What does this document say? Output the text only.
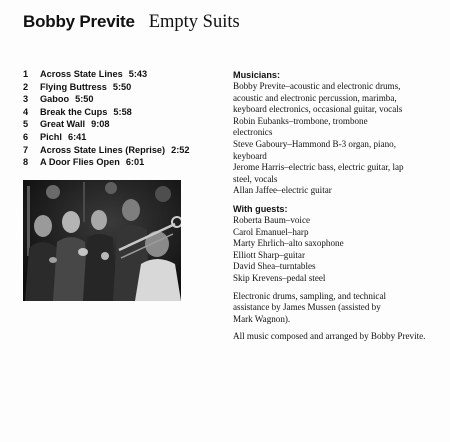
Bobby Previte Empty Suits
1	Across State Lines 5:43
2	Flying Buttress 5:50
3	Gaboo 5:50
4	Break the Cups 5:58
5	Great Wall 9:08
6	Pichl 6:41
7	Across State Lines (Reprise) 2:52
8	A Door Flies Open 6:01
Musicians:
Bobby Previte–acoustic and electronic drums,
acoustic and electronic percussion, marimba,
keyboard electronics, occasional guitar, vocals
Robin Eubanks–trombone, trombone
electronics
Steve Gaboury–Hammond B-3 organ, piano,
keyboard
Jerome Harris–electric bass, electric guitar, lap
steel, vocals
Allan Jaffee–electric guitar
With guests:
Roberta Baum–voice
Carol Emanuel–harp
Marty Ehrlich–alto saxophone
Elliott Sharp–guitar
David Shea–turntables
Skip Krevens–pedal steel
Electronic drums, sampling, and technical
assistance by James Mussen (assisted by
Mark Wagnon).
All music composed and arranged by Bobby Previte.
